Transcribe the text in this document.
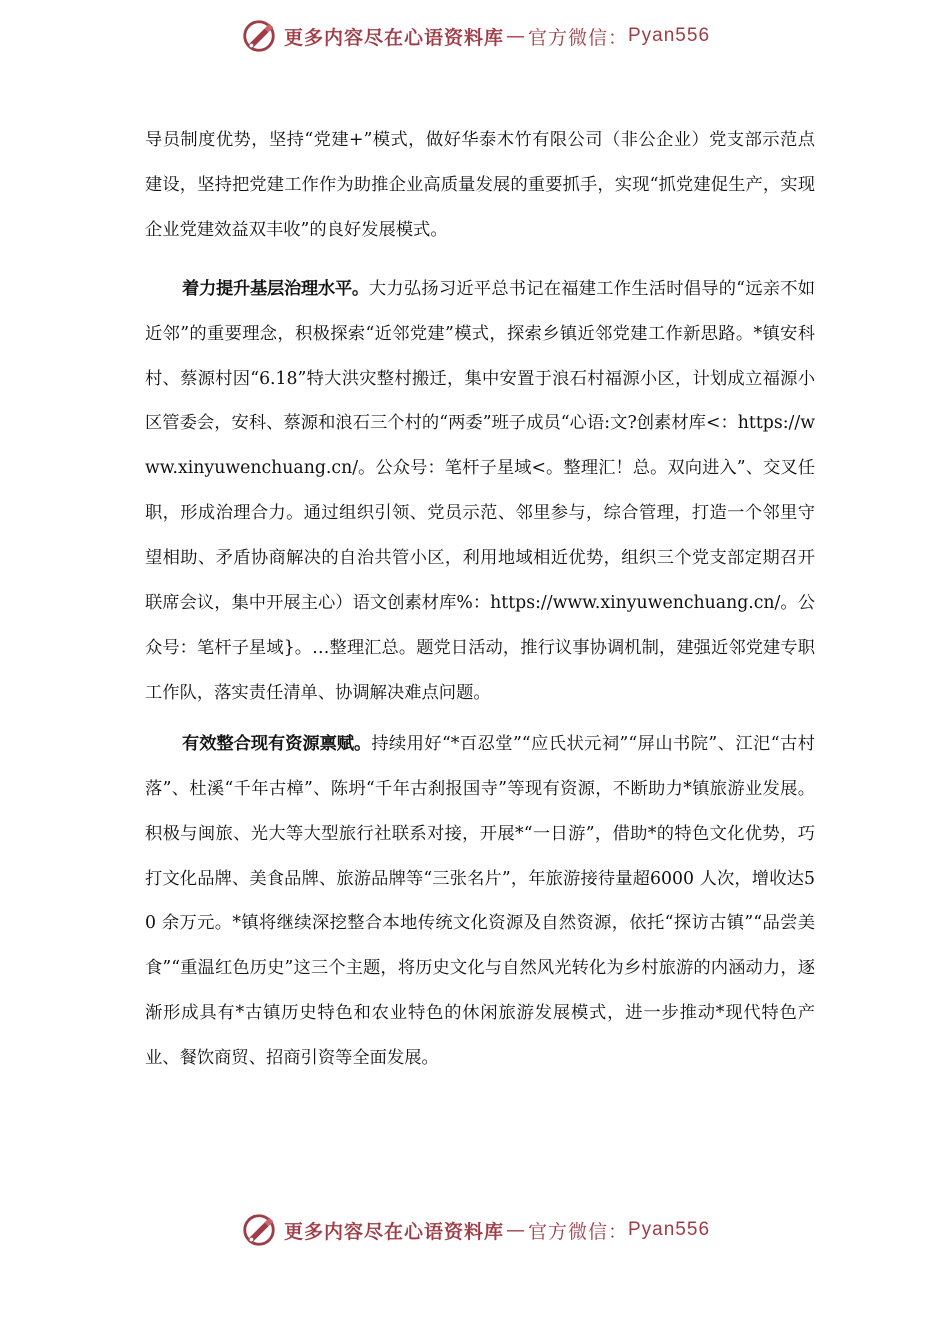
更多内容尽在心语资料库 — 官方微信： Pyan556

导员制度优势，坚持“党建+”模式，做好华泰木竹有限公司（非公企业）党支部示范点建设，坚持把党建工作作为助推企业高质量发展的重要抓手，实现“抓党建促生产，实现企业党建效益双丰收”的良好发展模式。

着力提升基层治理水平。大力弘扬习近平总书记在福建工作生活时倡导的“远亲不如近邻”的重要理念，积极探索“近邻党建”模式，探索乡镇近邻党建工作新思路。*镇安科村、蔡源村因“6.18”特大洪灾整村搬迁，集中安置于浪石村福源小区，计划成立福源小区管委会，安科、蔡源和浪石三个村的“两委”班子成员“心语:文?创素材库<：https://www.xinyuwenchuang.cn/。公众号：笔杆子星域<。整理汇！总。双向进入”、交叉任职，形成治理合力。通过组织引领、党员示范、邻里参与，综合管理，打造一个邻里守望相助、矛盾协商解决的自治共管小区，利用地域相近优势，组织三个党支部定期召开联席会议，集中开展主心）语文创素材库%：https://www.xinyuwenchuang.cn/。公众号：笔杆子星域}。…整理汇总。题党日活动，推行议事协调机制，建强近邻党建专职工作队，落实责任清单、协调解决难点问题。

有效整合现有资源禀赋。持续用好“*百忍堂”“应氏状元祠”“屏山书院”、江汜“古村落”、杜溪“千年古樟”、陈坍“千年古刹报国寺”等现有资源，不断助力*镇旅游业发展。积极与闽旅、光大等大型旅行社联系对接，开展*“一日游”，借助*的特色文化优势，巧打文化品牌、美食品牌、旅游品牌等“三张名片”，年旅游接待量超6000 人次，增收达50 余万元。*镇将继续深挖整合本地传统文化资源及自然资源，依托“探访古镇”“品尝美食”“重温红色历史”这三个主题，将历史文化与自然风光转化为乡村旅游的内涵动力，逐渐形成具有*古镇历史特色和农业特色的休闲旅游发展模式，进一步推动*现代特色产业、餐饮商贸、招商引资等全面发展。

更多内容尽在心语资料库 — 官方微信： Pyan556
